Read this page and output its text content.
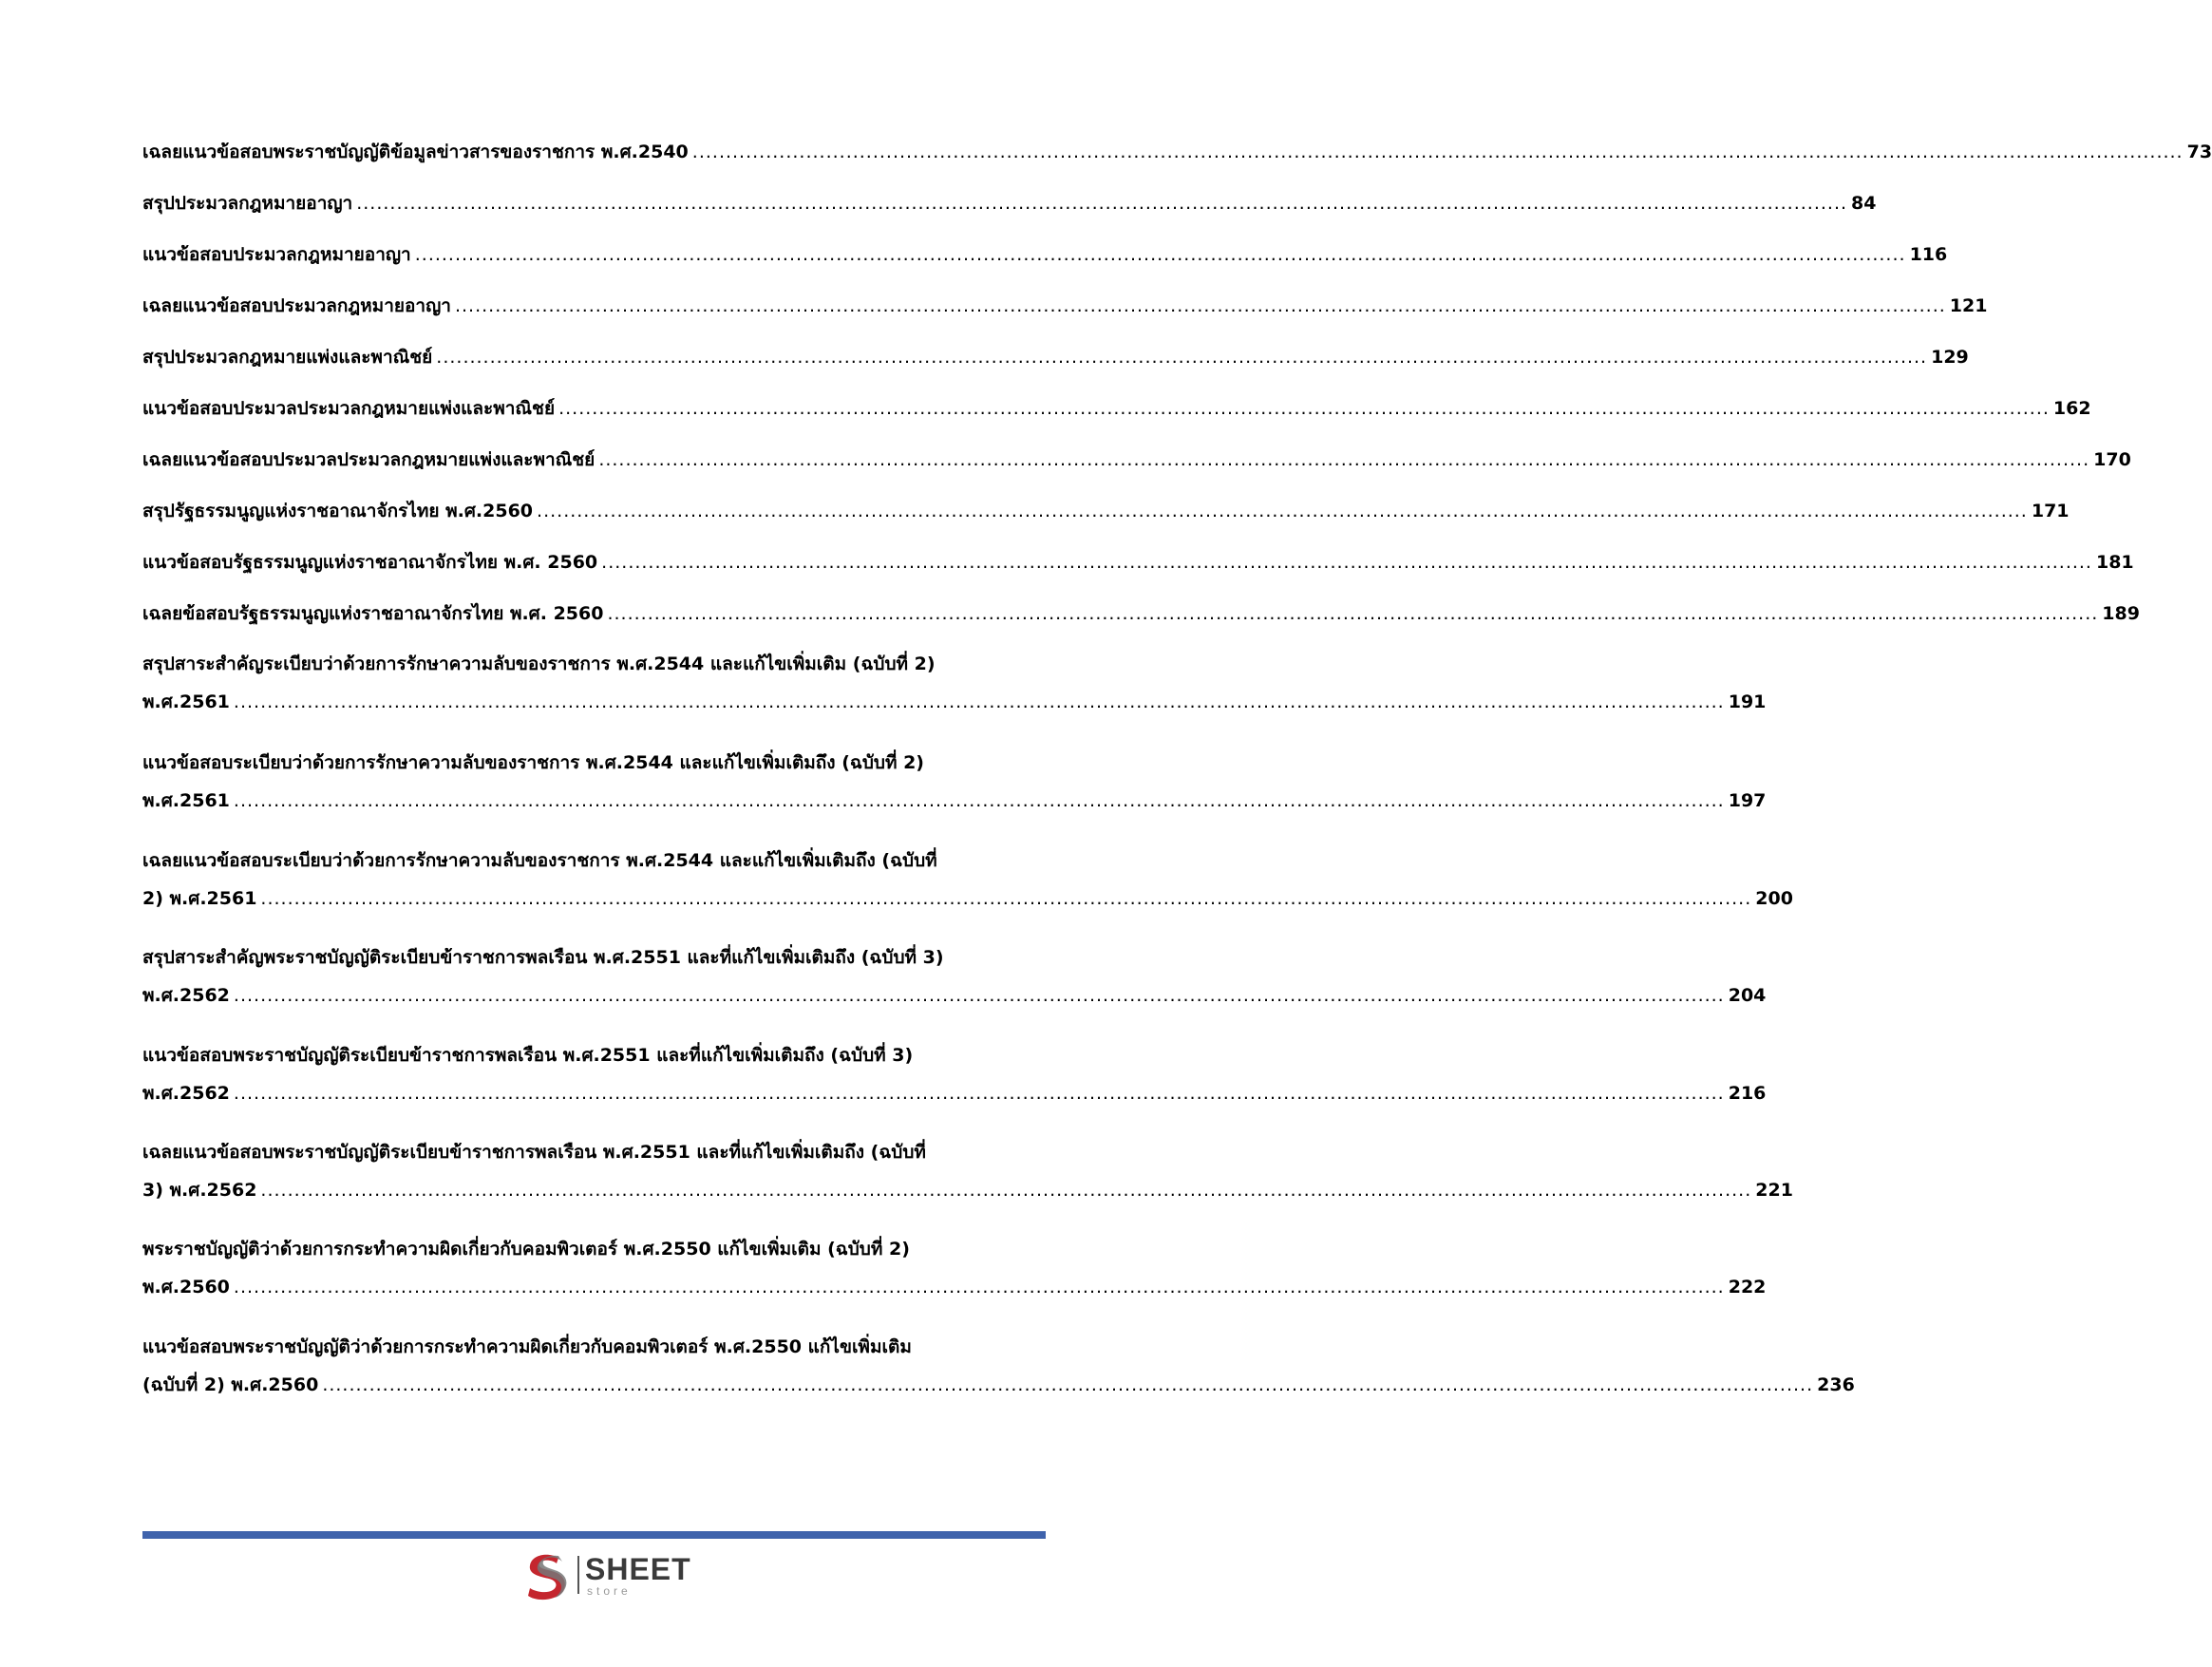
เฉลยแนวข้อสอบพระราชบัญญัติข้อมูลข่าวสารของราชการ พ.ศ.2540 ............................................................................................................................................................................................................................... 73
สรุปประมวลกฎหมายอาญา ............................................................................................................................................................................................................................... 84
แนวข้อสอบประมวลกฎหมายอาญา ............................................................................................................................................................................................................................... 116
เฉลยแนวข้อสอบประมวลกฎหมายอาญา ............................................................................................................................................................................................................................... 121
สรุปประมวลกฎหมายแพ่งและพาณิชย์ ............................................................................................................................................................................................................................... 129
แนวข้อสอบประมวลประมวลกฎหมายแพ่งและพาณิชย์ ............................................................................................................................................................................................................................... 162
เฉลยแนวข้อสอบประมวลประมวลกฎหมายแพ่งและพาณิชย์ ............................................................................................................................................................................................................................... 170
สรุปรัฐธรรมนูญแห่งราชอาณาจักรไทย พ.ศ.2560 ............................................................................................................................................................................................................................... 171
แนวข้อสอบรัฐธรรมนูญแห่งราชอาณาจักรไทย พ.ศ. 2560 ............................................................................................................................................................................................................................... 181
เฉลยข้อสอบรัฐธรรมนูญแห่งราชอาณาจักรไทย พ.ศ. 2560 ............................................................................................................................................................................................................................... 189
สรุปสาระสำคัญระเบียบว่าด้วยการรักษาความลับของราชการ พ.ศ.2544 และแก้ไขเพิ่มเติม (ฉบับที่ 2)
พ.ศ.2561 ............................................................................................................................................................................................................................... 191
แนวข้อสอบระเบียบว่าด้วยการรักษาความลับของราชการ พ.ศ.2544 และแก้ไขเพิ่มเติมถึง (ฉบับที่ 2)
พ.ศ.2561 ............................................................................................................................................................................................................................... 197
เฉลยแนวข้อสอบระเบียบว่าด้วยการรักษาความลับของราชการ พ.ศ.2544 และแก้ไขเพิ่มเติมถึง (ฉบับที่
2) พ.ศ.2561 ............................................................................................................................................................................................................................... 200
สรุปสาระสำคัญพระราชบัญญัติระเบียบข้าราชการพลเรือน พ.ศ.2551 และที่แก้ไขเพิ่มเติมถึง (ฉบับที่ 3)
พ.ศ.2562 ............................................................................................................................................................................................................................... 204
แนวข้อสอบพระราชบัญญัติระเบียบข้าราชการพลเรือน พ.ศ.2551 และที่แก้ไขเพิ่มเติมถึง (ฉบับที่ 3)
พ.ศ.2562 ............................................................................................................................................................................................................................... 216
เฉลยแนวข้อสอบพระราชบัญญัติระเบียบข้าราชการพลเรือน พ.ศ.2551 และที่แก้ไขเพิ่มเติมถึง (ฉบับที่
3) พ.ศ.2562 ............................................................................................................................................................................................................................... 221
พระราชบัญญัติว่าด้วยการกระทำความผิดเกี่ยวกับคอมพิวเตอร์ พ.ศ.2550 แก้ไขเพิ่มเติม (ฉบับที่ 2)
พ.ศ.2560 ............................................................................................................................................................................................................................... 222
แนวข้อสอบพระราชบัญญัติว่าด้วยการกระทำความผิดเกี่ยวกับคอมพิวเตอร์ พ.ศ.2550 แก้ไขเพิ่มเติม
(ฉบับที่ 2) พ.ศ.2560 ............................................................................................................................................................................................................................... 236
SHEET
store
